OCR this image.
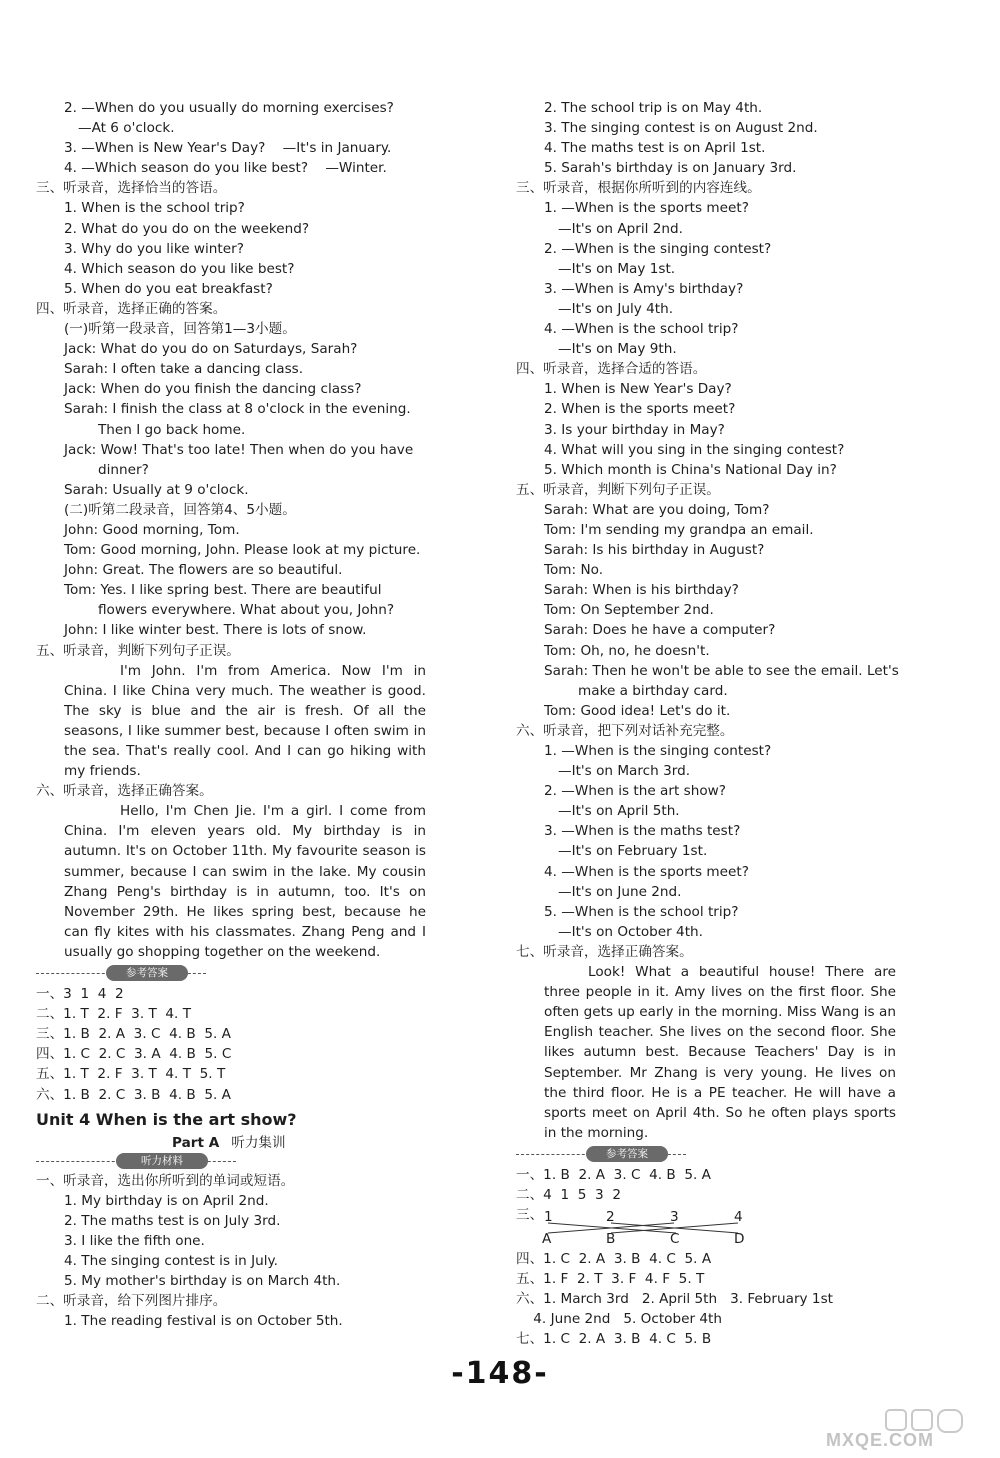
2. —When do you usually do morning exercises?
—At 6 o'clock.
3. —When is New Year's Day?    —It's in January.
4. —Which season do you like best?    —Winter.
三、听录音，选择恰当的答语。
1. When is the school trip?
2. What do you do on the weekend?
3. Why do you like winter?
4. Which season do you like best?
5. When do you eat breakfast?
四、听录音，选择正确的答案。
(一)听第一段录音，回答第1—3小题。
Jack: What do you do on Saturdays, Sarah?
Sarah: I often take a dancing class.
Jack: When do you finish the dancing class?
Sarah: I finish the class at 8 o'clock in the evening.
Then I go back home.
Jack: Wow! That's too late! Then when do you have
dinner?
Sarah: Usually at 9 o'clock.
(二)听第二段录音，回答第4、5小题。
John: Good morning, Tom.
Tom: Good morning, John. Please look at my picture.
John: Great. The flowers are so beautiful.
Tom: Yes. I like spring best. There are beautiful
flowers everywhere. What about you, John?
John: I like winter best. There is lots of snow.
五、听录音，判断下列句子正误。
I'm John. I'm from America. Now I'm in China. I like China very much. The weather is good. The sky is blue and the air is fresh. Of all the seasons, I like summer best, because I often swim in the sea. That's really cool. And I can go hiking with my friends.
六、听录音，选择正确答案。
Hello, I'm Chen Jie. I'm a girl. I come from China. I'm eleven years old. My birthday is in autumn. It's on October 11th. My favourite season is summer, because I can swim in the lake. My cousin Zhang Peng's birthday is in autumn, too. It's on November 29th. He likes spring best, because he can fly kites with his classmates. Zhang Peng and I usually go shopping together on the weekend.
参考答案
一、3  1  4  2
二、1. T  2. F  3. T  4. T
三、1. B  2. A  3. C  4. B  5. A
四、1. C  2. C  3. A  4. B  5. C
五、1. T  2. F  3. T  4. T  5. T
六、1. B  2. C  3. B  4. B  5. A
Unit 4 When is the art show?
Part A 听力集训
听力材料
一、听录音，选出你所听到的单词或短语。
1. My birthday is on April 2nd.
2. The maths test is on July 3rd.
3. I like the fifth one.
4. The singing contest is in July.
5. My mother's birthday is on March 4th.
二、听录音，给下列图片排序。
1. The reading festival is on October 5th.
2. The school trip is on May 4th.
3. The singing contest is on August 2nd.
4. The maths test is on April 1st.
5. Sarah's birthday is on January 3rd.
三、听录音，根据你所听到的内容连线。
1. —When is the sports meet?
—It's on April 2nd.
2. —When is the singing contest?
—It's on May 1st.
3. —When is Amy's birthday?
—It's on July 4th.
4. —When is the school trip?
—It's on May 9th.
四、听录音，选择合适的答语。
1. When is New Year's Day?
2. When is the sports meet?
3. Is your birthday in May?
4. What will you sing in the singing contest?
5. Which month is China's National Day in?
五、听录音，判断下列句子正误。
Sarah: What are you doing, Tom?
Tom: I'm sending my grandpa an email.
Sarah: Is his birthday in August?
Tom: No.
Sarah: When is his birthday?
Tom: On September 2nd.
Sarah: Does he have a computer?
Tom: Oh, no, he doesn't.
Sarah: Then he won't be able to see the email. Let's
make a birthday card.
Tom: Good idea! Let's do it.
六、听录音，把下列对话补充完整。
1. —When is the singing contest?
—It's on March 3rd.
2. —When is the art show?
—It's on April 5th.
3. —When is the maths test?
—It's on February 1st.
4. —When is the sports meet?
—It's on June 2nd.
5. —When is the school trip?
—It's on October 4th.
七、听录音，选择正确答案。
Look! What a beautiful house! There are three people in it. Amy lives on the first floor. She often gets up early in the morning. Miss Wang is an English teacher. She lives on the second floor. She likes autumn best. Because Teachers' Day is in September. Mr Zhang is very young. He lives on the third floor. He is a PE teacher. He will have a sports meet on April 4th. So he often plays sports in the morning.
参考答案
一、1. B  2. A  3. C  4. B  5. A
二、4  1  5  3  2
三、 1	2	3	4
A	B	C	D
四、1. C  2. A  3. B  4. C  5. A
五、1. F  2. T  3. F  4. F  5. T
六、1. March 3rd   2. April 5th   3. February 1st
4. June 2nd   5. October 4th
七、1. C  2. A  3. B  4. C  5. B
-148-
MXQE.COM
